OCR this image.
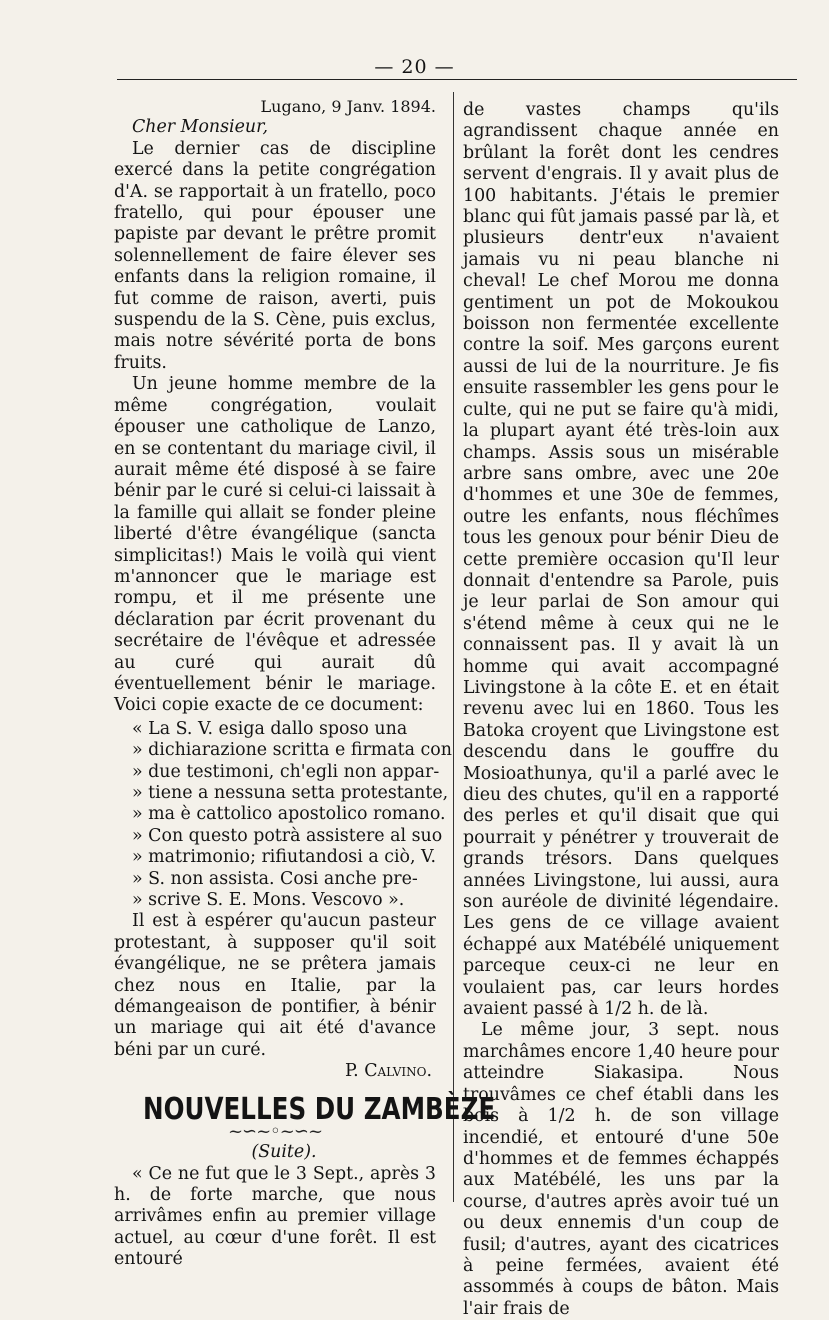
— 20 —

Lugano, 9 Janv. 1894.

Cher Monsieur,

Le dernier cas de discipline exercé dans la petite congrégation d'A. se rapportait à un fratello, poco fratello, qui pour épouser une papiste par devant le prêtre promit solennellement de faire élever ses enfants dans la religion romaine, il fut comme de raison, averti, puis suspendu de la S. Cène, puis exclus, mais notre sévérité porta de bons fruits.

Un jeune homme membre de la même congrégation, voulait épouser une catholique de Lanzo, en se contentant du mariage civil, il aurait même été disposé à se faire bénir par le curé si celui-ci laissait à la famille qui allait se fonder pleine liberté d'être évangélique (sancta simplicitas!) Mais le voilà qui vient m'annoncer que le mariage est rompu, et il me présente une déclaration par écrit provenant du secrétaire de l'évêque et adressée au curé qui aurait dû éventuellement bénir le mariage. Voici copie exacte de ce document:

« La S. V. esiga dallo sposo una
» dichiarazione scritta e firmata con
» due testimoni, ch'egli non appar-
» tiene a nessuna setta protestante,
» ma è cattolico apostolico romano.
» Con questo potrà assistere al suo
» matrimonio; rifiutandosi a ciò, V.
» S. non assista. Cosi anche pre-
» scrive S. E. Mons. Vescovo ».

Il est à espérer qu'aucun pasteur protestant, à supposer qu'il soit évangélique, ne se prêtera jamais chez nous en Italie, par la démangeaison de pontifier, à bénir un mariage qui ait été d'avance béni par un curé.

P. Calvino.

NOUVELLES DU ZAMBÈZE
~∽~◦~∽~

(Suite).

« Ce ne fut que le 3 Sept., après 3 h. de forte marche, que nous arrivâmes enfin au premier village actuel, au cœur d'une forêt. Il est entouré

de vastes champs qu'ils agrandissent chaque année en brûlant la forêt dont les cendres servent d'engrais. Il y avait plus de 100 habitants. J'étais le premier blanc qui fût jamais passé par là, et plusieurs dentr'eux n'avaient jamais vu ni peau blanche ni cheval! Le chef Morou me donna gentiment un pot de Mokoukou boisson non fermentée excellente contre la soif. Mes garçons eurent aussi de lui de la nourriture. Je fis ensuite rassembler les gens pour le culte, qui ne put se faire qu'à midi, la plupart ayant été très-loin aux champs. Assis sous un misérable arbre sans ombre, avec une 20e d'hommes et une 30e de femmes, outre les enfants, nous fléchîmes tous les genoux pour bénir Dieu de cette première occasion qu'Il leur donnait d'entendre sa Parole, puis je leur parlai de Son amour qui s'étend même à ceux qui ne le connaissent pas. Il y avait là un homme qui avait accompagné Livingstone à la côte E. et en était revenu avec lui en 1860. Tous les Batoka croyent que Livingstone est descendu dans le gouffre du Mosioathunya, qu'il a parlé avec le dieu des chutes, qu'il en a rapporté des perles et qu'il disait que qui pourrait y pénétrer y trouverait de grands trésors. Dans quelques années Livingstone, lui aussi, aura son auréole de divinité légendaire. Les gens de ce village avaient échappé aux Matébélé uniquement parceque ceux-ci ne leur en voulaient pas, car leurs hordes avaient passé à 1/2 h. de là.

Le même jour, 3 sept. nous marchâmes encore 1,40 heure pour atteindre Siakasipa. Nous trouvâmes ce chef établi dans les bois à 1/2 h. de son village incendié, et entouré d'une 50e d'hommes et de femmes échappés aux Matébélé, les uns par la course, d'autres après avoir tué un ou deux ennemis d'un coup de fusil; d'autres, ayant des cicatrices à peine fermées, avaient été assommés à coups de bâton. Mais l'air frais de
